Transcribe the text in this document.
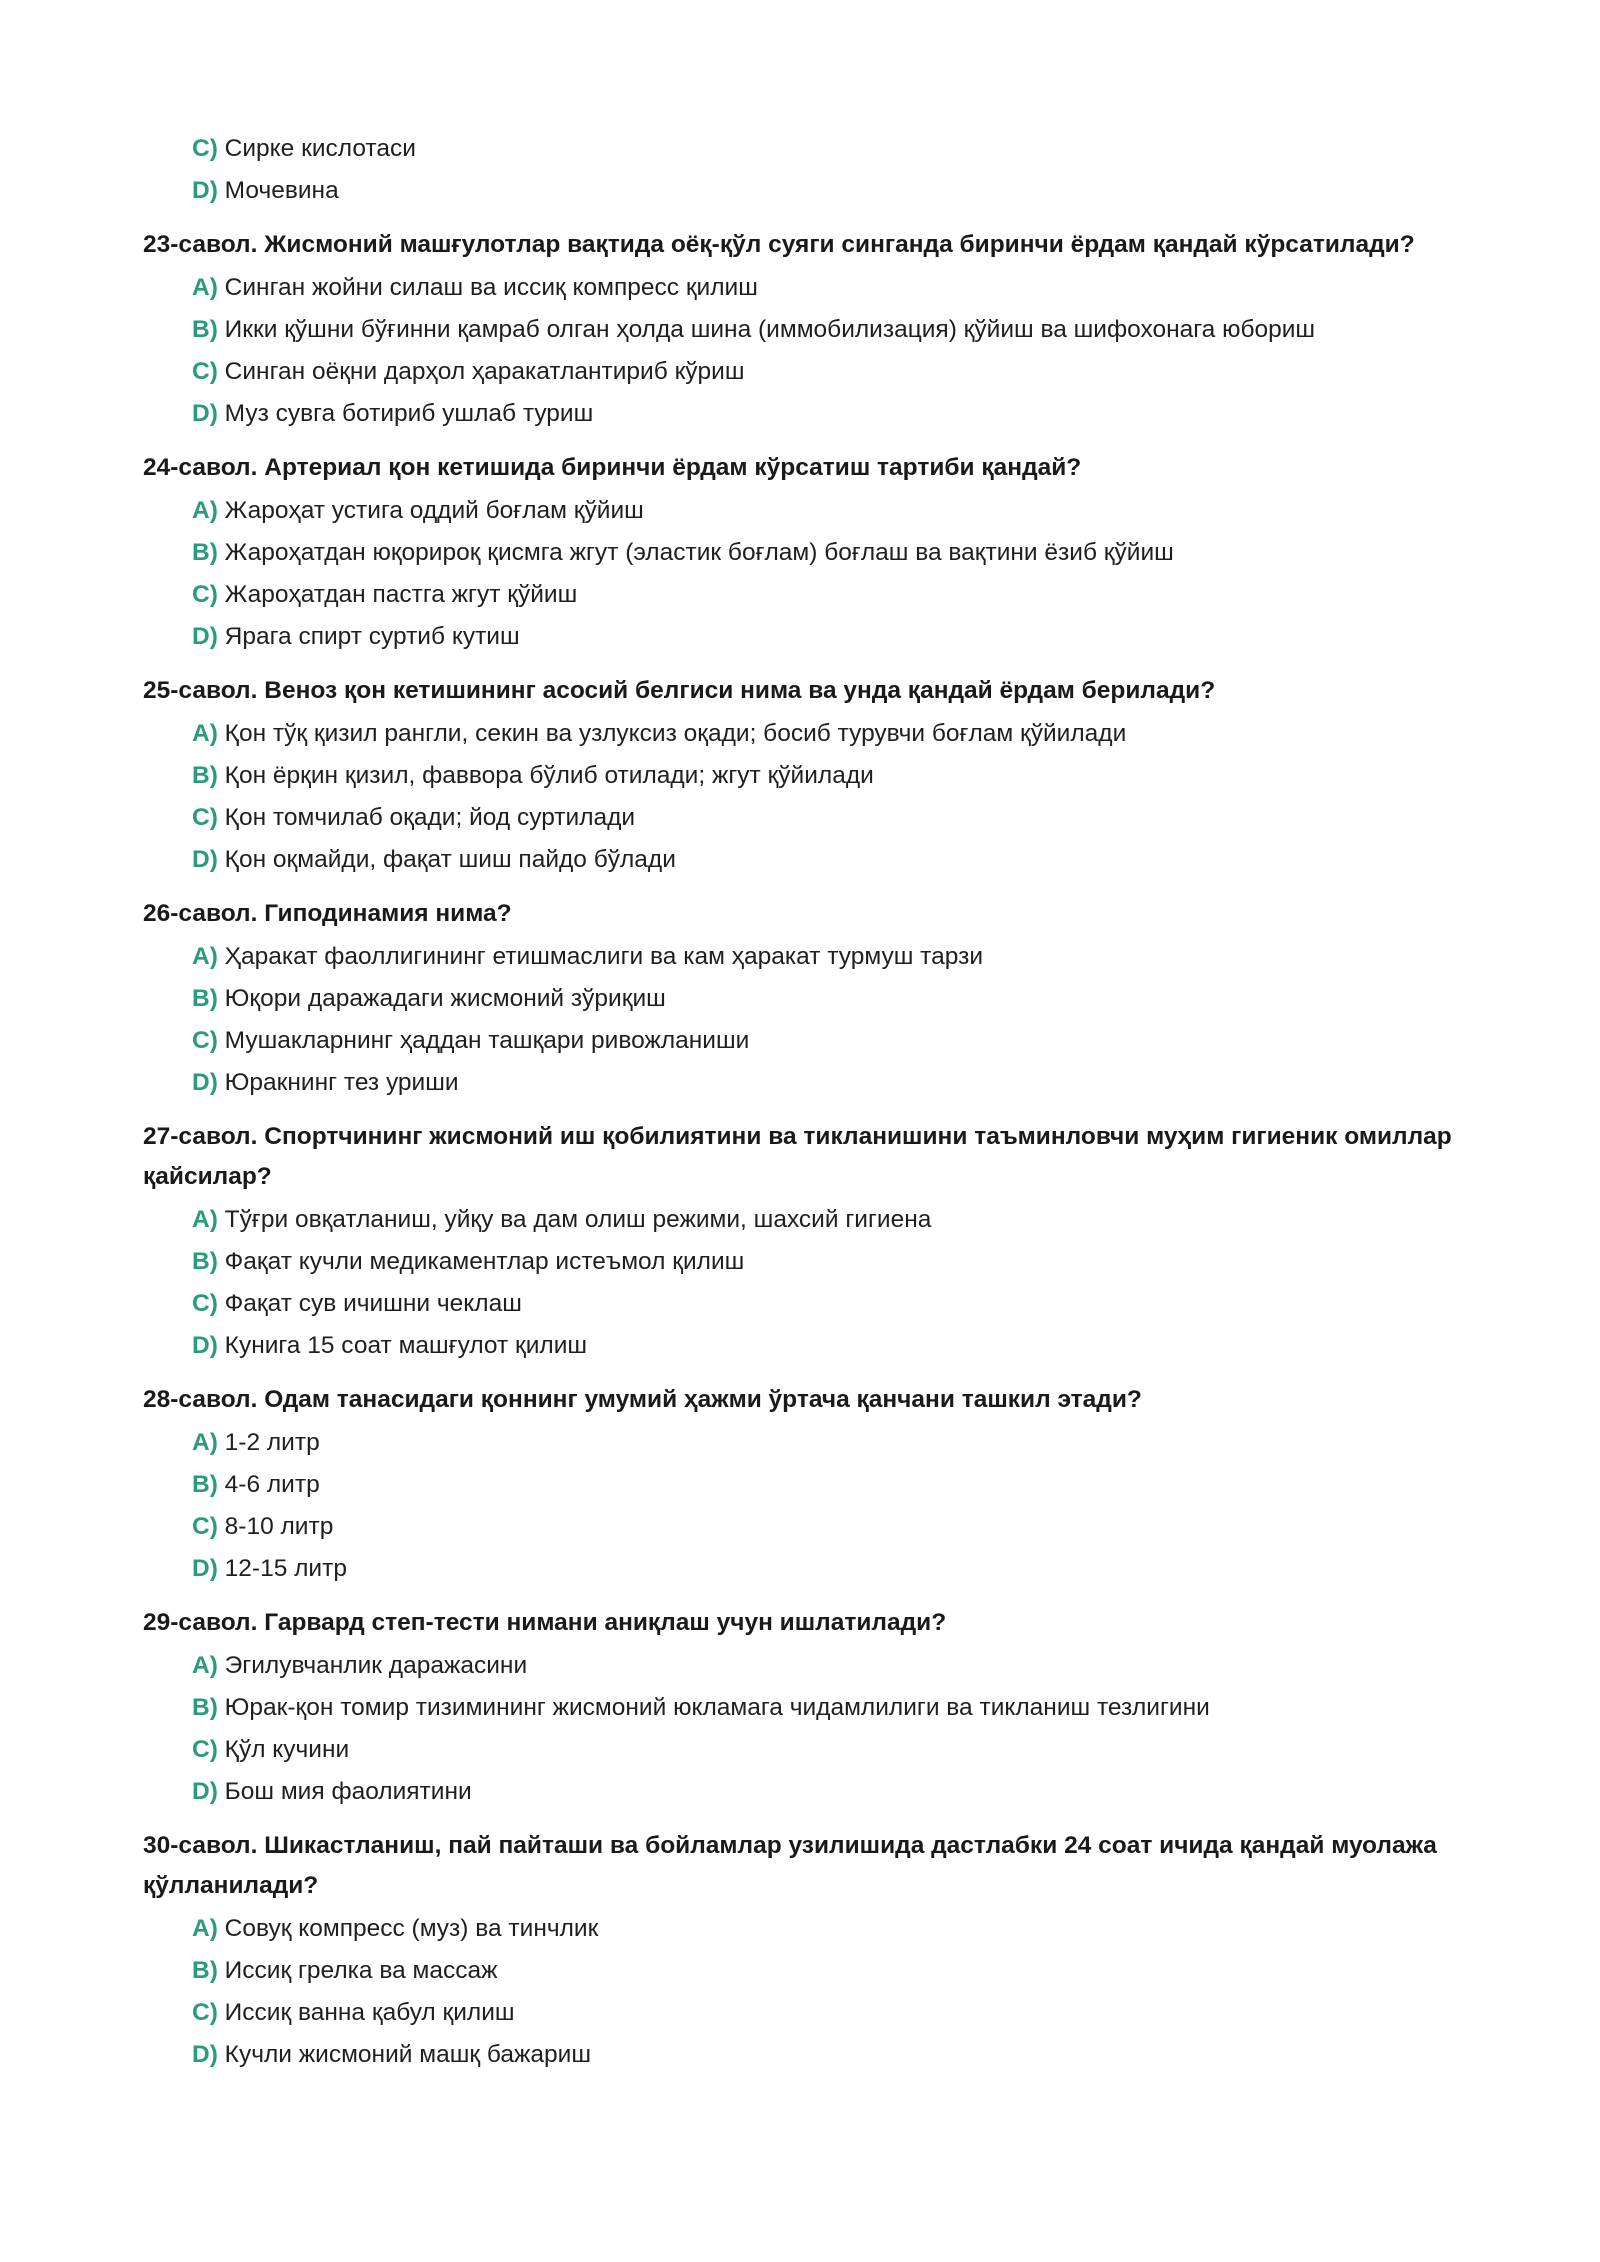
C) Сирке кислотаси
D) Мочевина
23-савол. Жисмоний машғулотлар вақтида оёқ-қўл суяги синганда биринчи ёрдам қандай кўрсатилади?
A) Синган жойни силаш ва иссиқ компресс қилиш
B) Икки қўшни бўғинни қамраб олган ҳолда шина (иммобилизация) қўйиш ва шифохонага юбориш
C) Синган оёқни дарҳол ҳаракатлантириб кўриш
D) Муз сувга ботириб ушлаб туриш
24-савол. Артериал қон кетишида биринчи ёрдам кўрсатиш тартиби қандай?
A) Жароҳат устига оддий боғлам қўйиш
B) Жароҳатдан юқорироқ қисмга жгут (эластик боғлам) боғлаш ва вақтини ёзиб қўйиш
C) Жароҳатдан пастга жгут қўйиш
D) Ярага спирт суртиб кутиш
25-савол. Веноз қон кетишининг асосий белгиси нима ва унда қандай ёрдам берилади?
A) Қон тўқ қизил рангли, секин ва узлуксиз оқади; босиб турувчи боғлам қўйилади
B) Қон ёрқин қизил, фаввора бўлиб отилади; жгут қўйилади
C) Қон томчилаб оқади; йод суртилади
D) Қон оқмайди, фақат шиш пайдо бўлади
26-савол. Гиподинамия нима?
A) Ҳаракат фаоллигининг етишмаслиги ва кам ҳаракат турмуш тарзи
B) Юқори даражадаги жисмоний зўриқиш
C) Мушакларнинг ҳаддан ташқари ривожланиши
D) Юракнинг тез уриши
27-савол. Спортчининг жисмоний иш қобилиятини ва тикланишини таъминловчи муҳим гигиеник омиллар қайсилар?
A) Тўғри овқатланиш, уйқу ва дам олиш режими, шахсий гигиена
B) Фақат кучли медикаментлар истеъмол қилиш
C) Фақат сув ичишни чеклаш
D) Кунига 15 соат машғулот қилиш
28-савол. Одам танасидаги қоннинг умумий ҳажми ўртача қанчани ташкил этади?
A) 1-2 литр
B) 4-6 литр
C) 8-10 литр
D) 12-15 литр
29-савол. Гарвард степ-тести нимани аниқлаш учун ишлатилади?
A) Эгилувчанлик даражасини
B) Юрак-қон томир тизимининг жисмоний юкламага чидамлилиги ва тикланиш тезлигини
C) Қўл кучини
D) Бош мия фаолиятини
30-савол. Шикастланиш, пай пайташи ва бойламлар узилишида дастлабки 24 соат ичида қандай муолажа қўлланилади?
A) Совуқ компресс (муз) ва тинчлик
B) Иссиқ грелка ва массаж
C) Иссиқ ванна қабул қилиш
D) Кучли жисмоний машқ бажариш
